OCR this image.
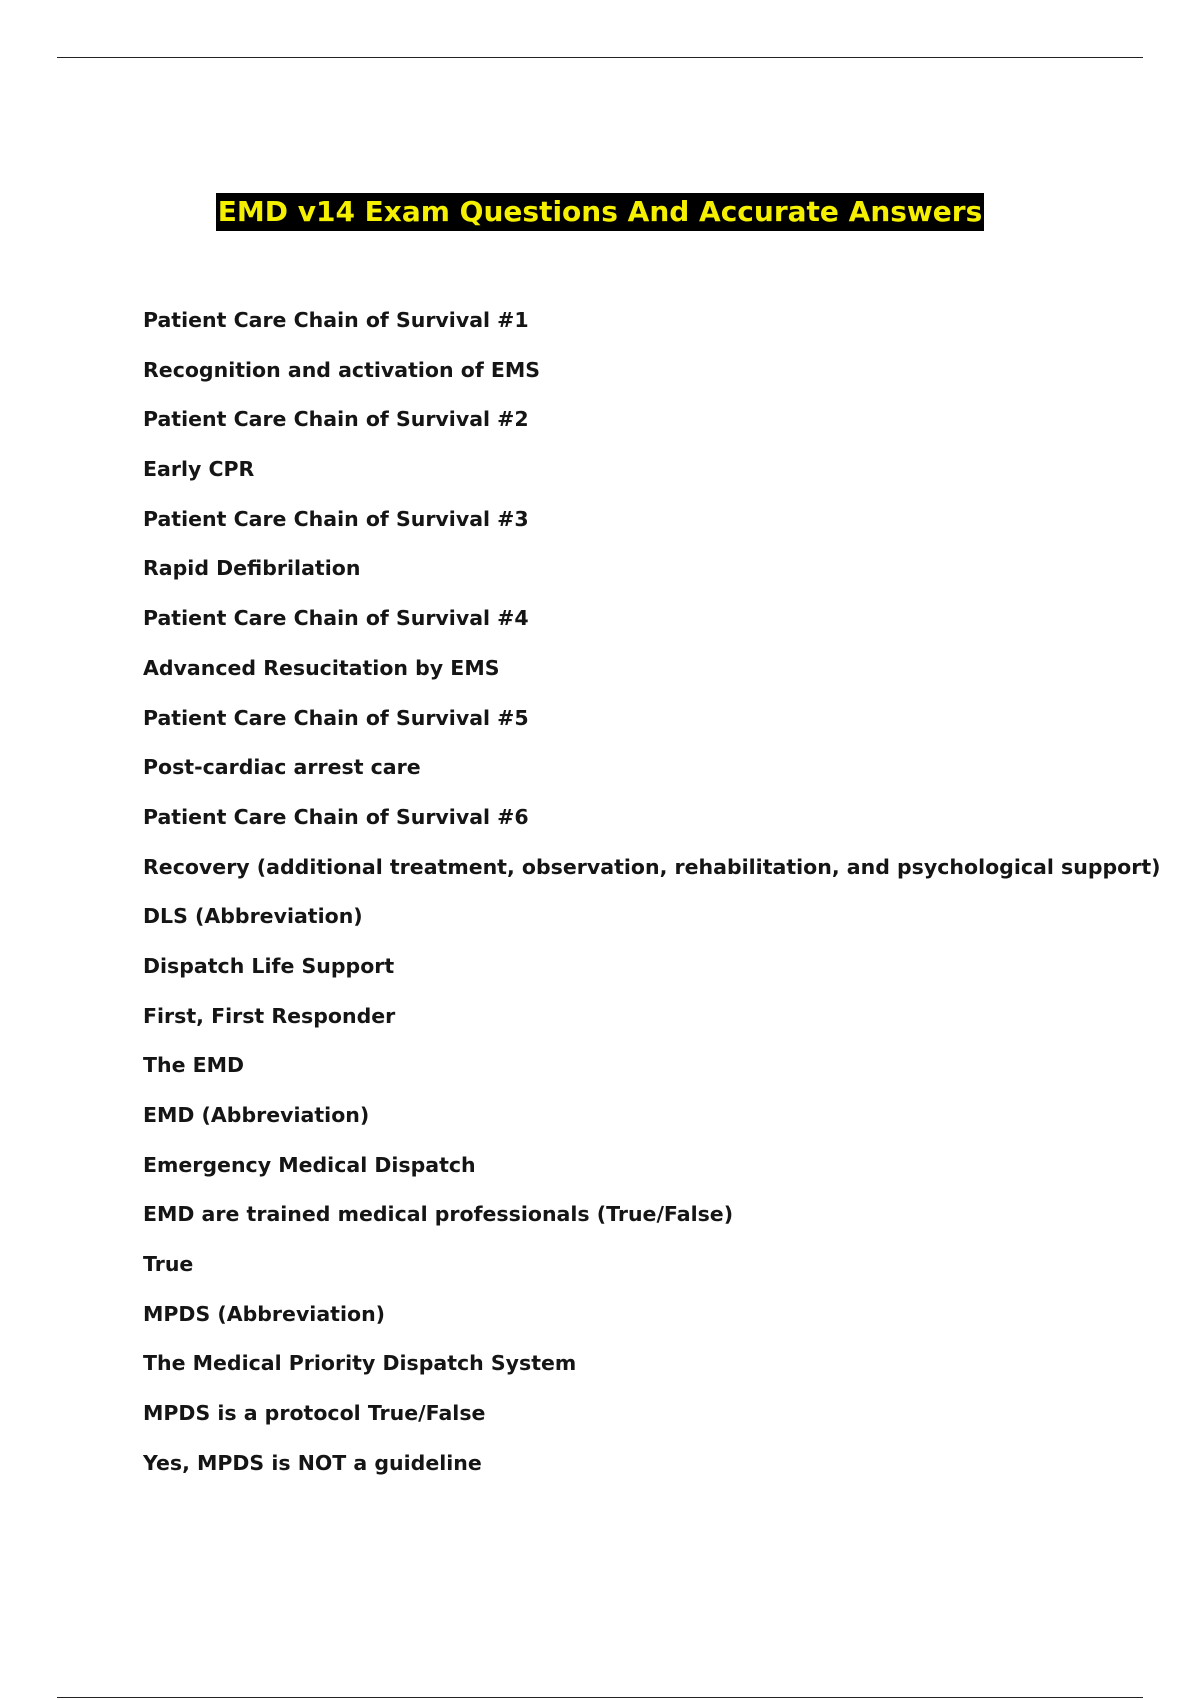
EMD v14 Exam Questions And Accurate Answers
Patient Care Chain of Survival #1
Recognition and activation of EMS
Patient Care Chain of Survival #2
Early CPR
Patient Care Chain of Survival #3
Rapid Defibrilation
Patient Care Chain of Survival #4
Advanced Resucitation by EMS
Patient Care Chain of Survival #5
Post-cardiac arrest care
Patient Care Chain of Survival #6
Recovery (additional treatment, observation, rehabilitation, and psychological support)
DLS (Abbreviation)
Dispatch Life Support
First, First Responder
The EMD
EMD (Abbreviation)
Emergency Medical Dispatch
EMD are trained medical professionals (True/False)
True
MPDS (Abbreviation)
The Medical Priority Dispatch System
MPDS is a protocol True/False
Yes, MPDS is NOT a guideline
